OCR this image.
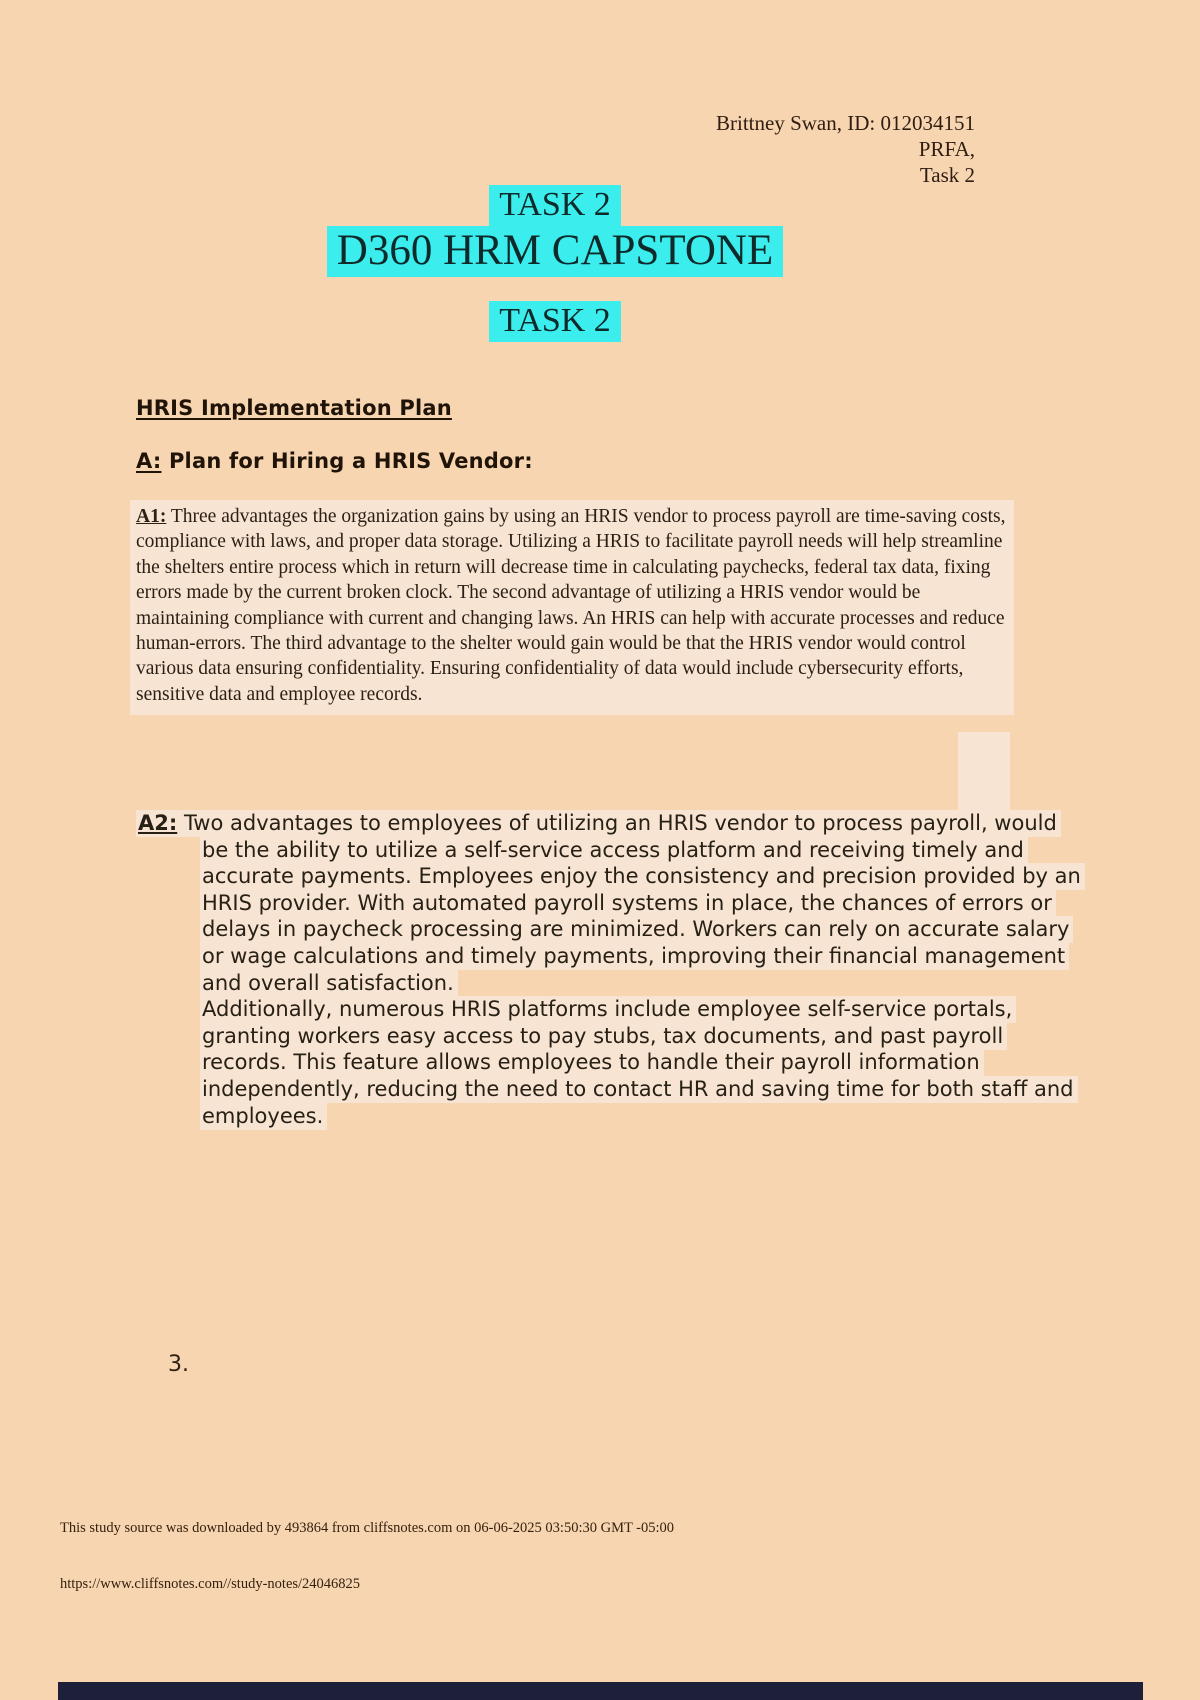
Brittney Swan, ID: 012034151
PRFA,
Task 2
TASK 2
D360 HRM CAPSTONE
TASK 2
HRIS Implementation Plan
A: Plan for Hiring a HRIS Vendor:
A1: Three advantages the organization gains by using an HRIS vendor to process payroll are time-saving costs, compliance with laws, and proper data storage. Utilizing a HRIS to facilitate payroll needs will help streamline the shelters entire process which in return will decrease time in calculating paychecks, federal tax data, fixing errors made by the current broken clock. The second advantage of utilizing a HRIS vendor would be maintaining compliance with current and changing laws. An HRIS can help with accurate processes and reduce human-errors. The third advantage to the shelter would gain would be that the HRIS vendor would control various data ensuring confidentiality. Ensuring confidentiality of data would include cybersecurity efforts, sensitive data and employee records.
A2: Two advantages to employees of utilizing an HRIS vendor to process payroll, would be the ability to utilize a self-service access platform and receiving timely and accurate payments. Employees enjoy the consistency and precision provided by an HRIS provider. With automated payroll systems in place, the chances of errors or delays in paycheck processing are minimized. Workers can rely on accurate salary or wage calculations and timely payments, improving their financial management and overall satisfaction.
Additionally, numerous HRIS platforms include employee self-service portals, granting workers easy access to pay stubs, tax documents, and past payroll records. This feature allows employees to handle their payroll information independently, reducing the need to contact HR and saving time for both staff and employees.
3.
This study source was downloaded by 493864 from cliffsnotes.com on 06-06-2025 03:50:30 GMT -05:00
https://www.cliffsnotes.com//study-notes/24046825
